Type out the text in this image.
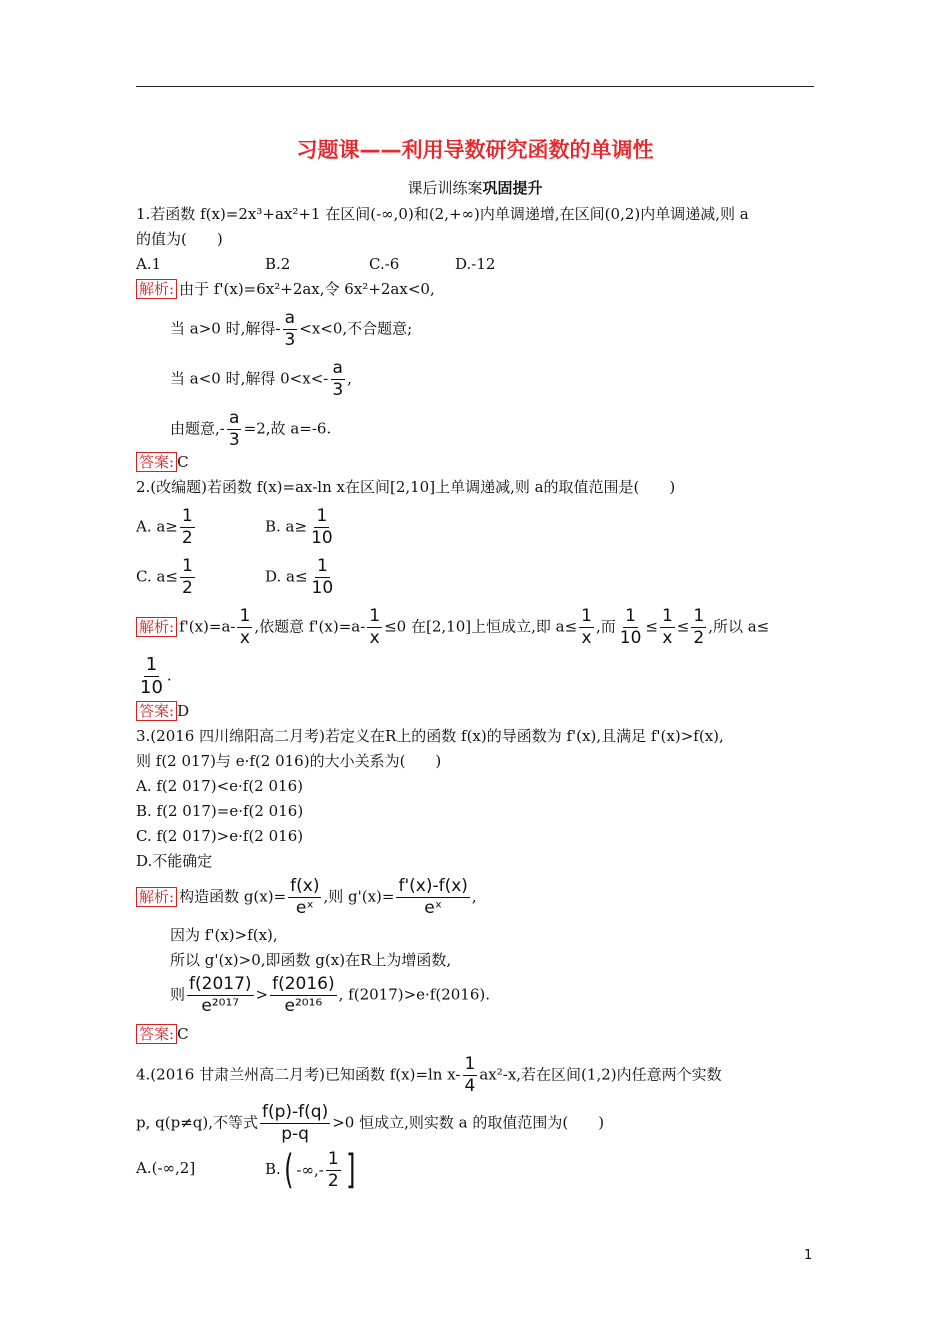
习题课——利用导数研究函数的单调性
课后训练案巩固提升
1.若函数 f(x)=2x³+ax²+1 在区间(-∞,0)和(2,+∞)内单调递增,在区间(0,2)内单调递减,则 a
的值为(　　)
A.1	B.2	C.-6	D.-12
解析: 由于 f'(x)=6x²+2ax,令 6x²+2ax<0,
当 a>0 时,解得- $\frac{a}{3} <x<0$,不合题意;
当 a<0 时,解得 $0<x<- \frac{a}{3}$ ,
由题意,- $\frac{a}{3} =2$,故 a=-6.
答案: C
2.(改编题)若函数 f(x)=ax-ln x在区间[2,10]上单调递减,则 a的取值范围是(　　)
A. $a\ge \frac{1}{2}$	B. $a\ge \frac{1}{10}$
C. $a\le \frac{1}{2}$	D. $a\le \frac{1}{10}$
解析: $f'(x)=a- \frac{1}{x}$ ,依题意 $f'(x)=a- \frac{1}{x} \le 0$ 在[2,10]上恒成立,即 $a\le \frac{1}{x}$ ,而 $\frac{1}{10} \le \frac{1}{x} \le \frac{1}{2}$ ,所以 a≤
$\frac{1}{10}$ .
答案: D
3.(2016 四川绵阳高二月考)若定义在R上的函数 f(x)的导函数为 f'(x),且满足 f'(x)>f(x),
则 f(2 017)与 e·f(2 016)的大小关系为(　　)
A. f(2 017)<e·f(2 016)
B. f(2 017)=e·f(2 016)
C. f(2 017)>e·f(2 016)
D.不能确定
解析: 构造函数 $g(x)= \frac{f(x)}{\text{eˣ}}$ ,则 $g'(x)= \frac{f'(x)-f(x)}{\text{eˣ}}$ ,
因为 f'(x)>f(x),
所以 g'(x)>0,即函数 g(x)在R上为增函数,
则 $\frac{f(2017)}{\text{e²⁰¹⁷}} > \frac{f(2016)}{\text{e²⁰¹⁶}}$ , f(2017)>e·f(2016).
答案: C
4.(2016 甘肃兰州高二月考)已知函数 f(x)=ln $x- \frac{1}{4} ax^2-x$,若在区间(1,2)内任意两个实数
p, q(p≠q),不等式 $\frac{f(p)-f(q)}{p-q} >0$ 恒成立,则实数 a 的取值范围为(　　)
A.(-∞,2]	B. ( -∞,- $\frac{1}{2}$ ]
1
